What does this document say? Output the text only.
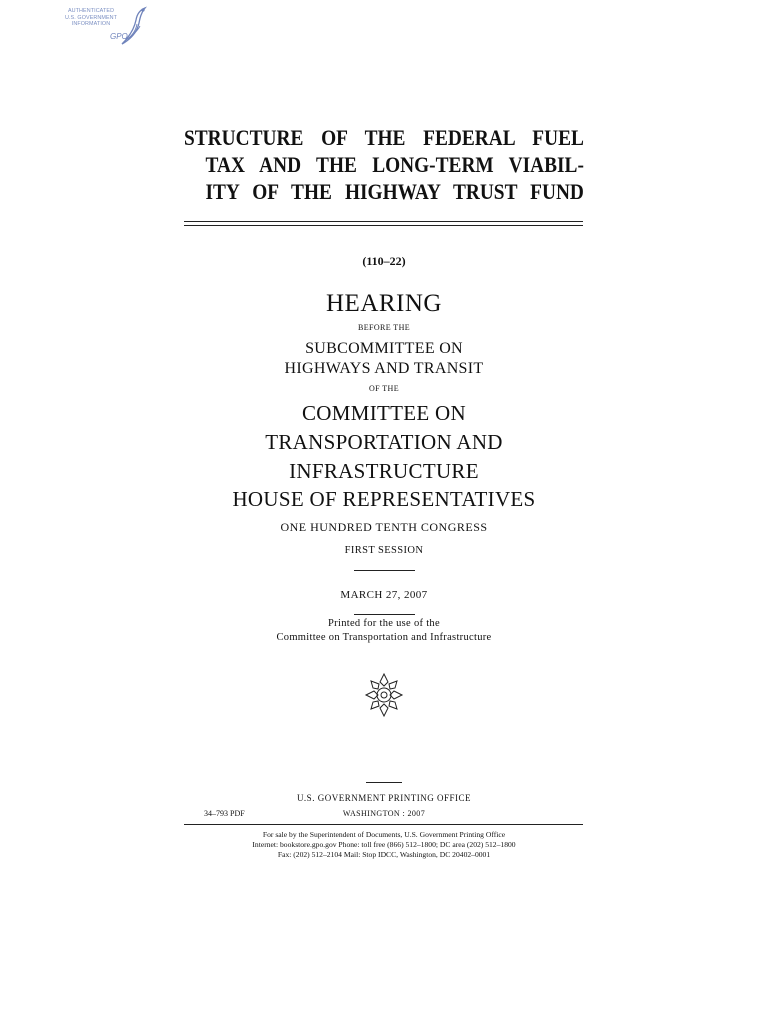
AUTHENTICATED
U.S. GOVERNMENT
INFORMATION
GPO
STRUCTURE OF THE FEDERAL FUEL
TAX AND THE LONG-TERM VIABIL-
ITY OF THE HIGHWAY TRUST FUND
(110–22)
HEARING
BEFORE THE
SUBCOMMITTEE ON
HIGHWAYS AND TRANSIT
OF THE
COMMITTEE ON
TRANSPORTATION AND
INFRASTRUCTURE
HOUSE OF REPRESENTATIVES
ONE HUNDRED TENTH CONGRESS
FIRST SESSION
MARCH 27, 2007
Printed for the use of the
Committee on Transportation and Infrastructure
U.S. GOVERNMENT PRINTING OFFICE
34–793 PDF	WASHINGTON : 2007
For sale by the Superintendent of Documents, U.S. Government Printing Office
Internet: bookstore.gpo.gov Phone: toll free (866) 512–1800; DC area (202) 512–1800
Fax: (202) 512–2104 Mail: Stop IDCC, Washington, DC 20402–0001
